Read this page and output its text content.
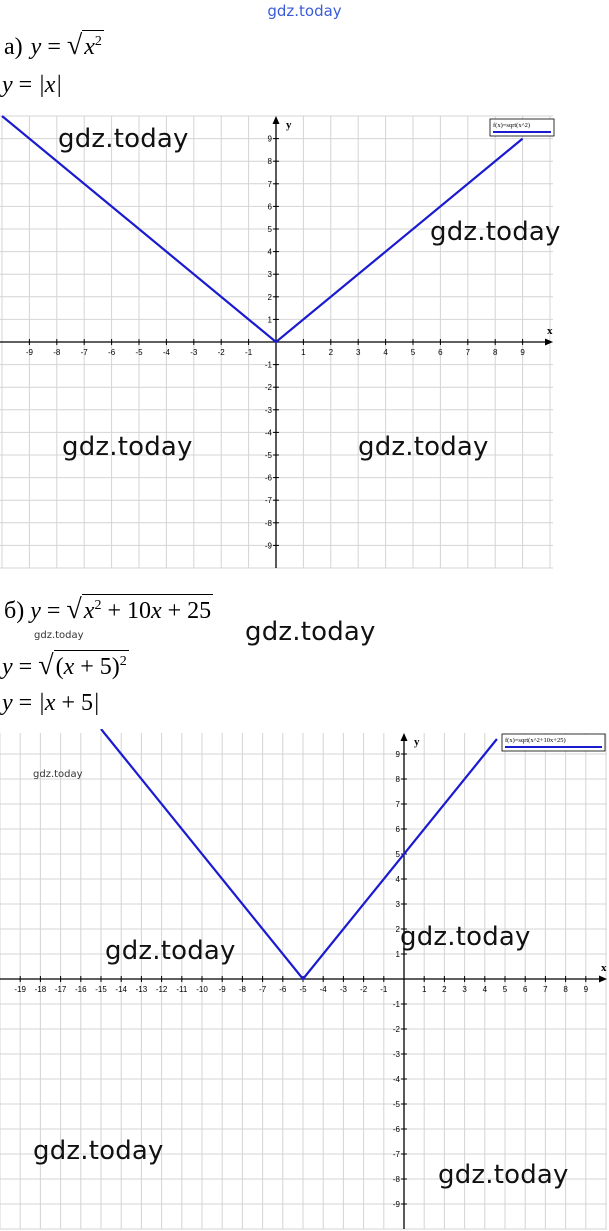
gdz.today
а) $y = √x^2$
y = |x|
б) $y = √x^2 + 10x + 25$
$y = √(x + 5)^2$
y = |x + 5|
x
y
-9	-8	-7	-6	-5	-4	-3	-2	-1	1	2	3	4	5	6	7	8	9
-9
-8
-7
-6
-5
-4
-3
-2
-1
1
2
3
4
5
6
7
8
9
f(x)=sqrt(x^2)
x
y
-19 -18 -17 -16 -15 -14 -13 -12 -11 -10 -9 -8 -7 -6 -5 -4 -3 -2 -1	1 2 3 4 5 6 7 8 9
-9
-8
-7
-6
-5
-4
-3
-2
-1
1
2
3
4
5
6
7
8
9
f(x)=sqrt(x^2+10x+25)
gdz.today
gdz.today
gdz.today	gdz.today
gdz.today
gdz.today
gdz.today
gdz.today	gdz.today
gdz.today
gdz.today
